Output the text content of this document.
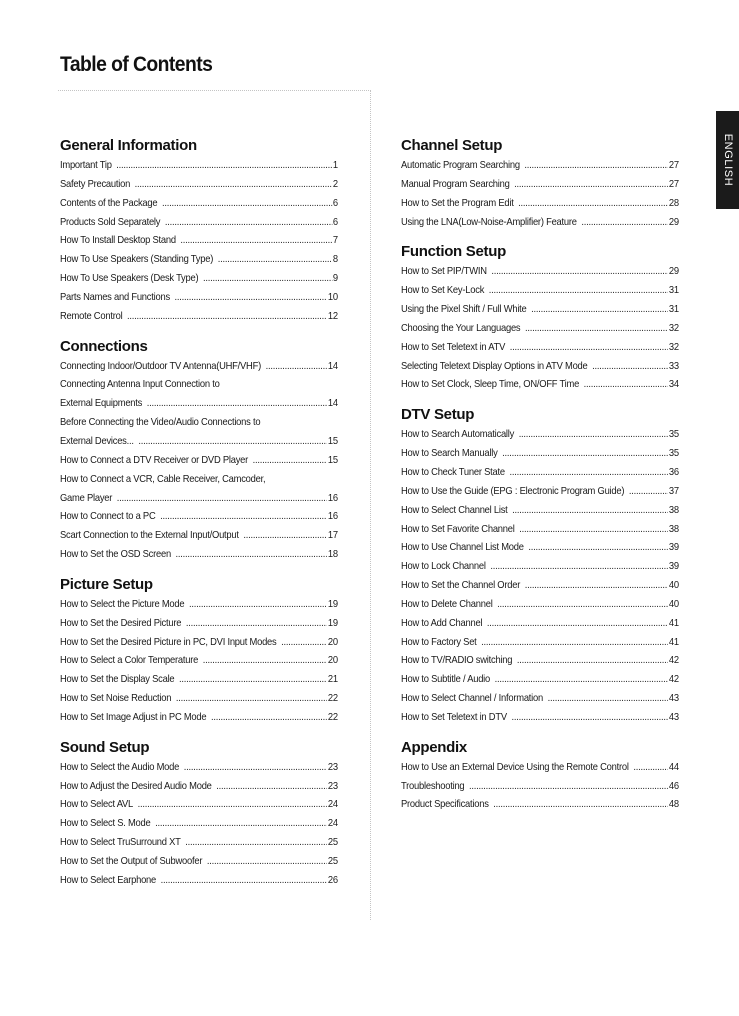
Table of Contents
ENGLISH
General Information
Important Tip .....	1
Safety Precaution .....	2
Contents of the Package .....	6
Products Sold Separately .....	6
How To Install Desktop Stand .....	7
How To Use Speakers (Standing Type) .....	8
How To Use Speakers (Desk Type) .....	9
Parts Names and Functions .....	10
Remote Control .....	12
Connections
Connecting Indoor/Outdoor TV Antenna(UHF/VHF) .....	14
Connecting Antenna Input Connection to
External Equipments .....	14
Before Connecting the Video/Audio Connections to
External Devices... .....	15
How to Connect a DTV Receiver or DVD Player .....	15
How to Connect a VCR, Cable Receiver, Camcoder,
Game Player .....	16
How to Connect to a PC .....	16
Scart Connection to the External Input/Output .....	17
How to Set the OSD Screen .....	18
Picture Setup
How to Select the Picture Mode .....	19
How to Set the Desired Picture .....	19
How to Set the Desired Picture in PC, DVI Input Modes .....	20
How to Select a Color Temperature .....	20
How to Set the Display Scale .....	21
How to Set Noise Reduction .....	22
How to Set Image Adjust in PC Mode .....	22
Sound Setup
How to Select the Audio Mode .....	23
How to Adjust the Desired Audio Mode .....	23
How to Select AVL .....	24
How to Select S. Mode .....	24
How to Select TruSurround XT .....	25
How to Set the Output of Subwoofer .....	25
How to Select Earphone .....	26
Channel Setup
Automatic Program Searching .....	27
Manual Program Searching .....	27
How to Set the Program Edit .....	28
Using the LNA(Low-Noise-Amplifier) Feature .....	29
Function Setup
How to Set PIP/TWIN .....	29
How to Set Key-Lock .....	31
Using the Pixel Shift / Full White .....	31
Choosing the Your Languages .....	32
How to Set Teletext in ATV .....	32
Selecting Teletext Display Options in ATV Mode .....	33
How to Set Clock, Sleep Time, ON/OFF Time .....	34
DTV Setup
How to Search Automatically .....	35
How to Search Manually .....	35
How to Check Tuner State .....	36
How to Use the Guide (EPG : Electronic Program Guide) .....	37
How to Select Channel List .....	38
How to Set Favorite Channel .....	38
How to Use Channel List Mode .....	39
How to Lock Channel .....	39
How to Set the Channel Order .....	40
How to Delete Channel .....	40
How to Add Channel .....	41
How to Factory Set .....	41
How to TV/RADIO switching .....	42
How to Subtitle / Audio .....	42
How to Select Channel / Information .....	43
How to Set Teletext in DTV .....	43
Appendix
How to Use an External Device Using the Remote Control .....	44
Troubleshooting .....	46
Product Specifications .....	48
